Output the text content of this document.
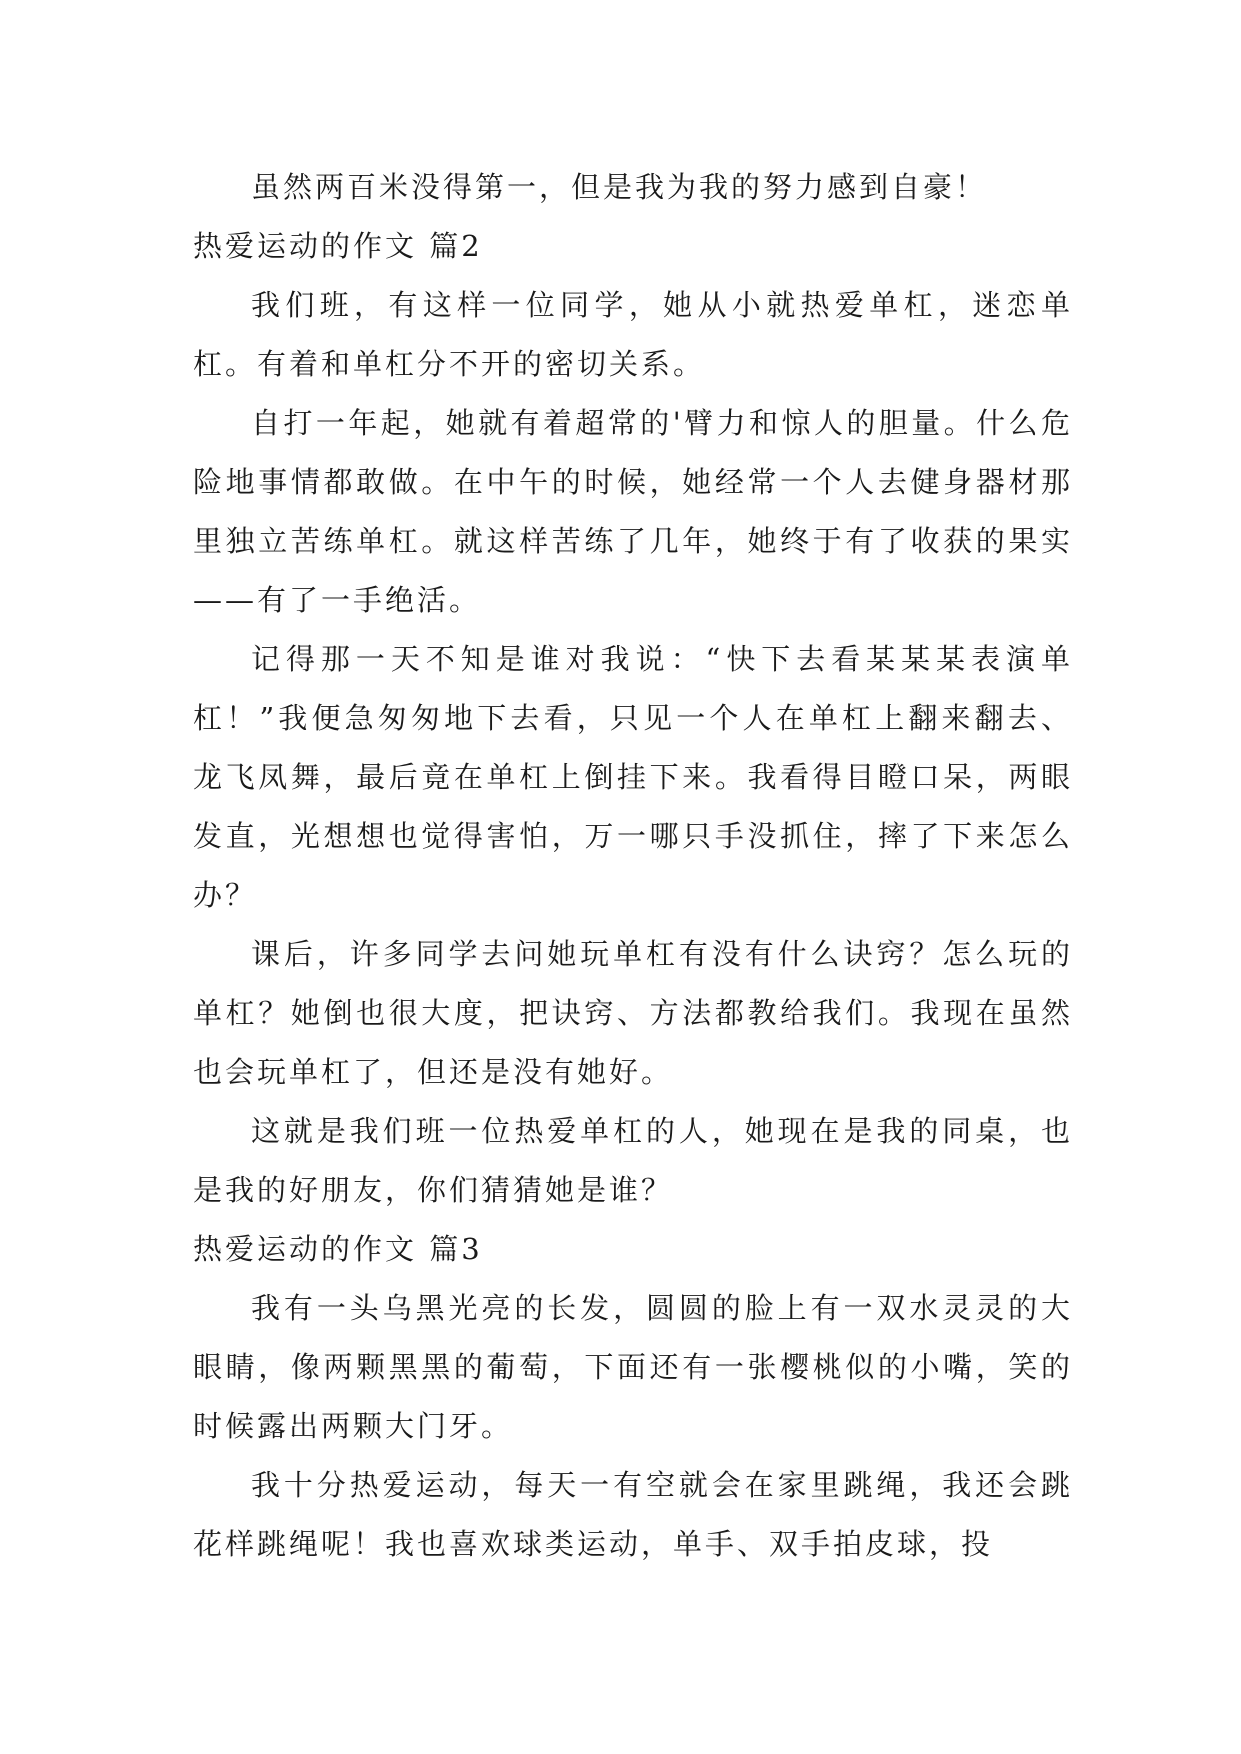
虽然两百米没得第一，但是我为我的努力感到自豪！

热爱运动的作文 篇2

我们班，有这样一位同学，她从小就热爱单杠，迷恋单杠。有着和单杠分不开的密切关系。

自打一年起，她就有着超常的'臂力和惊人的胆量。什么危险地事情都敢做。在中午的时候，她经常一个人去健身器材那里独立苦练单杠。就这样苦练了几年，她终于有了收获的果实——有了一手绝活。

记得那一天不知是谁对我说：“快下去看某某某表演单杠！”我便急匆匆地下去看，只见一个人在单杠上翻来翻去、龙飞凤舞，最后竟在单杠上倒挂下来。我看得目瞪口呆，两眼发直，光想想也觉得害怕，万一哪只手没抓住，摔了下来怎么办？

课后，许多同学去问她玩单杠有没有什么诀窍？怎么玩的单杠？她倒也很大度，把诀窍、方法都教给我们。我现在虽然也会玩单杠了，但还是没有她好。

这就是我们班一位热爱单杠的人，她现在是我的同桌，也是我的好朋友，你们猜猜她是谁？

热爱运动的作文 篇3

我有一头乌黑光亮的长发，圆圆的脸上有一双水灵灵的大眼睛，像两颗黑黑的葡萄，下面还有一张樱桃似的小嘴，笑的时候露出两颗大门牙。

我十分热爱运动，每天一有空就会在家里跳绳，我还会跳花样跳绳呢！我也喜欢球类运动，单手、双手拍皮球，投
